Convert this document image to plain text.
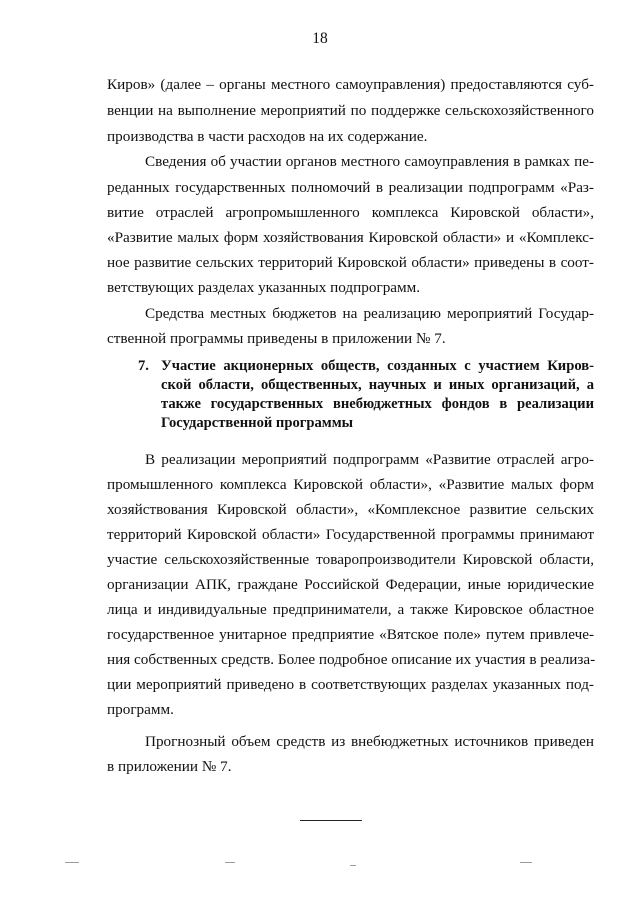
18
Киров» (далее – органы местного самоуправления) предоставляются суб-
венции на выполнение мероприятий по поддержке сельскохозяйственного
производства в части расходов на их содержание.
Сведения об участии органов местного самоуправления в рамках пе-
реданных государственных полномочий в реализации подпрограмм «Раз-
витие отраслей агропромышленного комплекса Кировской области»,
«Развитие малых форм хозяйствования Кировской области» и «Комплекс-
ное развитие сельских территорий Кировской области» приведены в соот-
ветствующих разделах указанных подпрограмм.
Средства местных бюджетов на реализацию мероприятий Государ-
ственной программы приведены в приложении № 7.
7. Участие акционерных обществ, созданных с участием Киров-
ской области, общественных, научных и иных организаций, а
также государственных внебюджетных фондов в реализации
Государственной программы
В реализации мероприятий подпрограмм «Развитие отраслей агро-
промышленного комплекса Кировской области», «Развитие малых форм
хозяйствования Кировской области», «Комплексное развитие сельских
территорий Кировской области» Государственной программы принимают
участие сельскохозяйственные товаропроизводители Кировской области,
организации АПК, граждане Российской Федерации, иные юридические
лица и индивидуальные предприниматели, а также Кировское областное
государственное унитарное предприятие «Вятское поле» путем привлече-
ния собственных средств. Более подробное описание их участия в реализа-
ции мероприятий приведено в соответствующих разделах указанных под-
программ.
Прогнозный объем средств из внебюджетных источников приведен
в приложении № 7.
